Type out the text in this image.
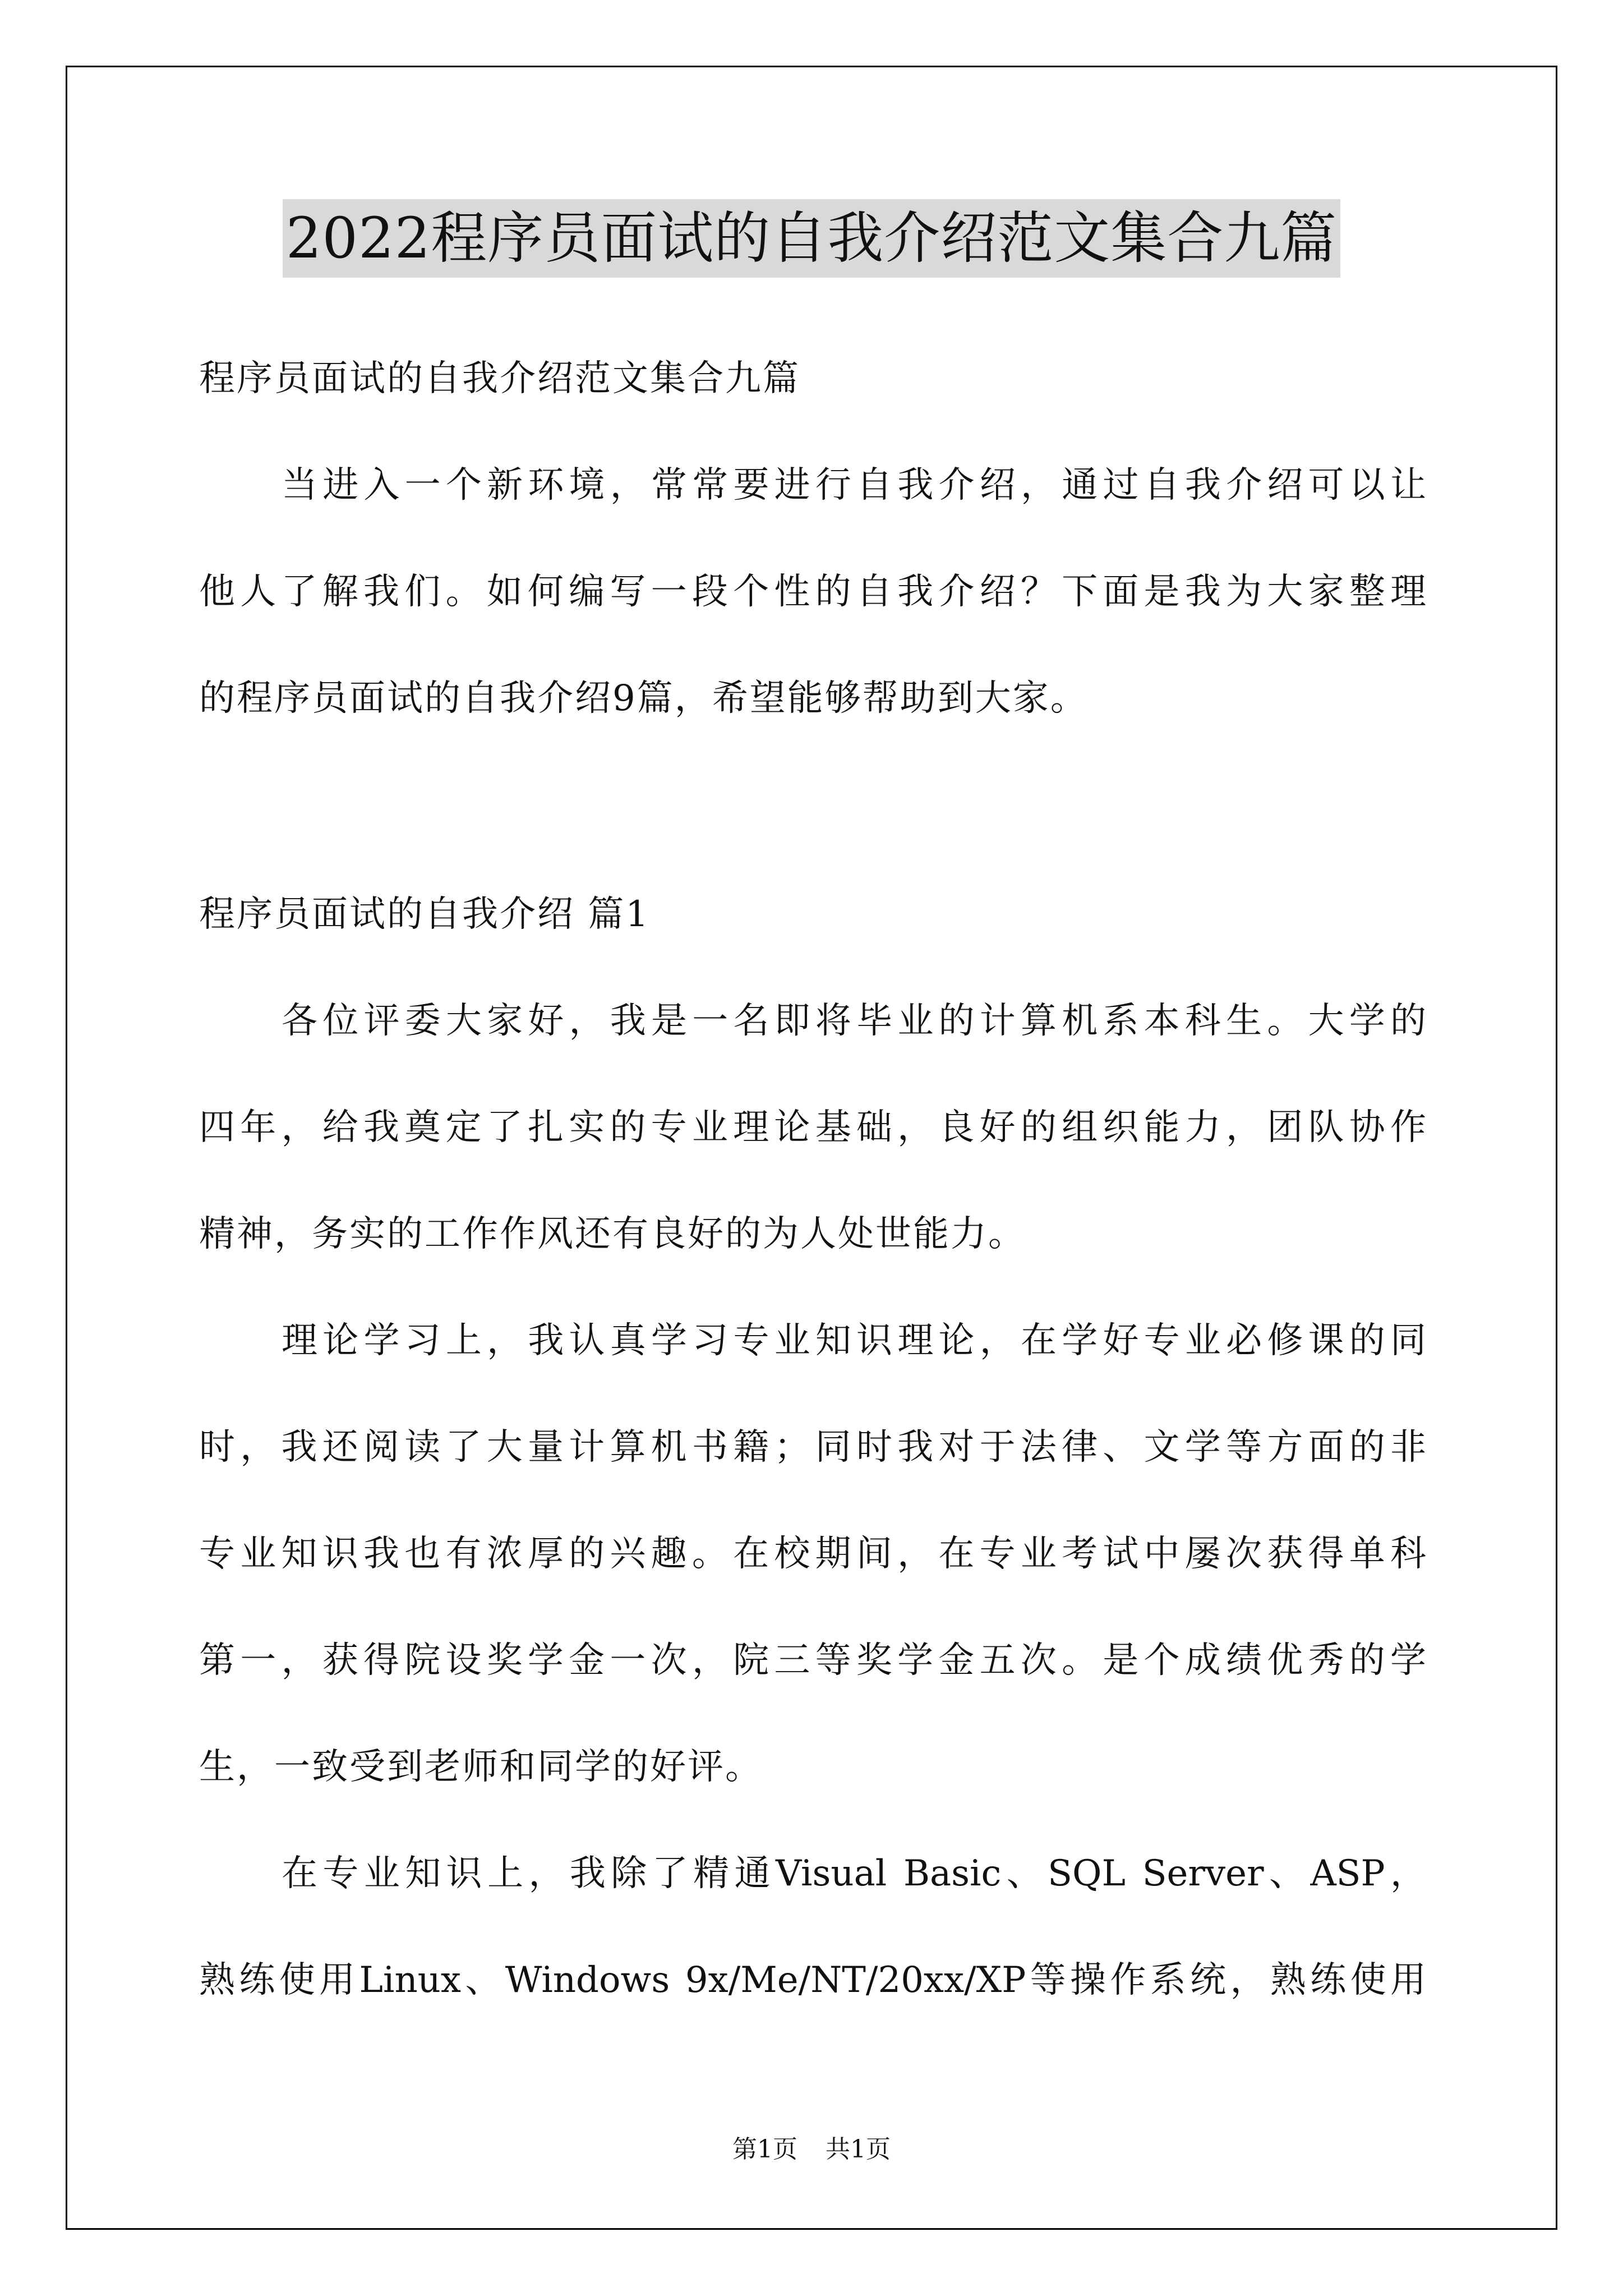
2022程序员面试的自我介绍范文集合九篇
程序员面试的自我介绍范文集合九篇
当进入一个新环境，常常要进行自我介绍，通过自我介绍可以让
他人了解我们。如何编写一段个性的自我介绍？下面是我为大家整理
的程序员面试的自我介绍9篇，希望能够帮助到大家。
程序员面试的自我介绍 篇1
各位评委大家好，我是一名即将毕业的计算机系本科生。大学的
四年，给我奠定了扎实的专业理论基础，良好的组织能力，团队协作
精神，务实的工作作风还有良好的为人处世能力。
理论学习上，我认真学习专业知识理论，在学好专业必修课的同
时，我还阅读了大量计算机书籍；同时我对于法律、文学等方面的非
专业知识我也有浓厚的兴趣。在校期间，在专业考试中屡次获得单科
第一，获得院设奖学金一次，院三等奖学金五次。是个成绩优秀的学
生，一致受到老师和同学的好评。
在专业知识上，我除了精通Visual Basic、SQL Server、ASP，
熟练使用Linux、Windows 9x/Me/NT/20xx/XP等操作系统，熟练使用
第1页 共1页
